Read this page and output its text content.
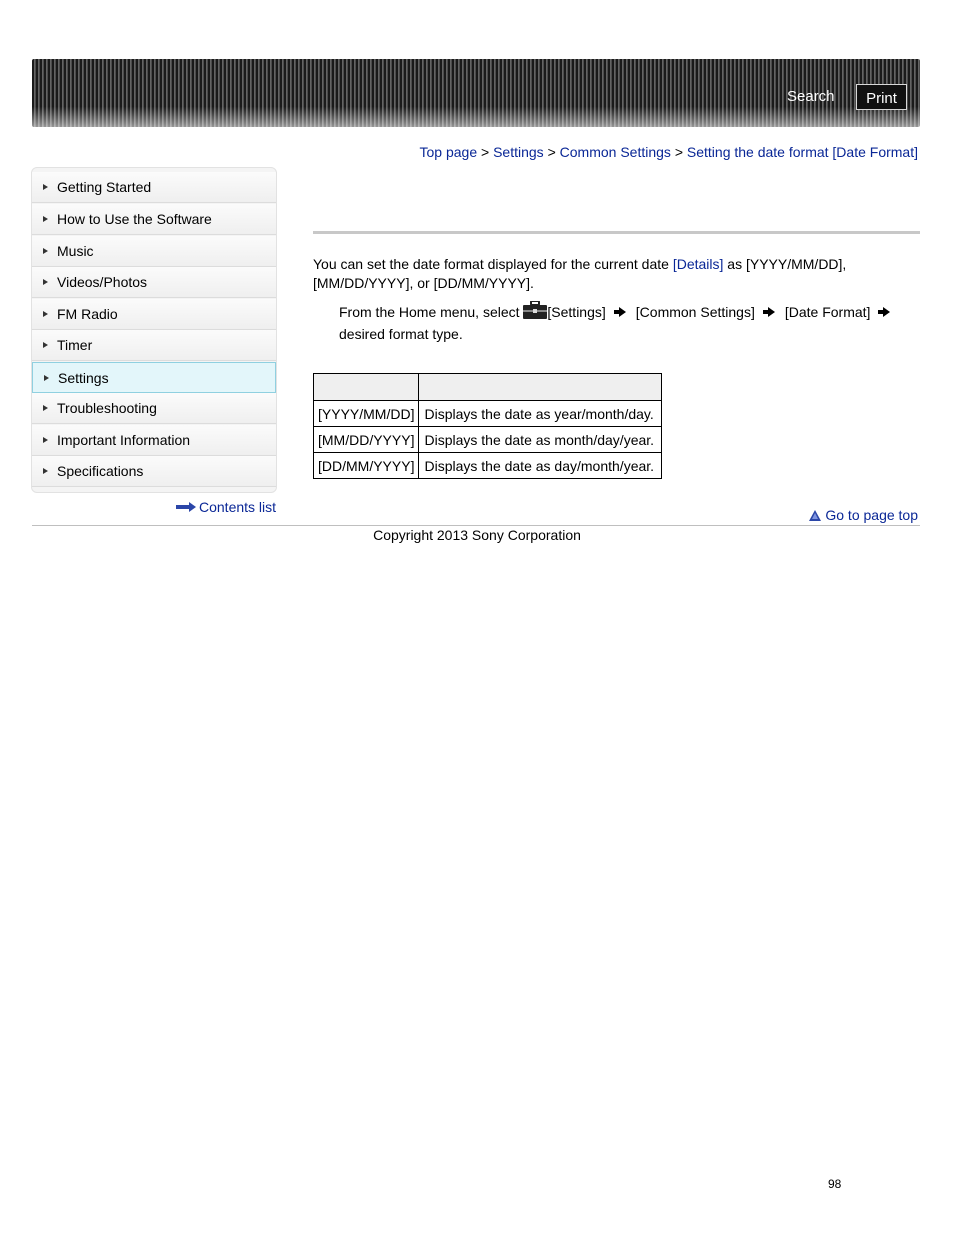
Search	Print
Top page > Settings > Common Settings > Setting the date format [Date Format]
Getting Started
How to Use the Software
Music
Videos/Photos
FM Radio
Timer
Settings
Troubleshooting
Important Information
Specifications
Contents list
You can set the date format displayed for the current date [Details] as [YYYY/MM/DD], [MM/DD/YYYY], or [DD/MM/YYYY].
From the Home menu, select [Settings] [Common Settings] [Date Format]
desired format type.

[YYYY/MM/DD]	Displays the date as year/month/day.
[MM/DD/YYYY]	Displays the date as month/day/year.
[DD/MM/YYYY]	Displays the date as day/month/year.
Go to page top
Copyright 2013 Sony Corporation
98
